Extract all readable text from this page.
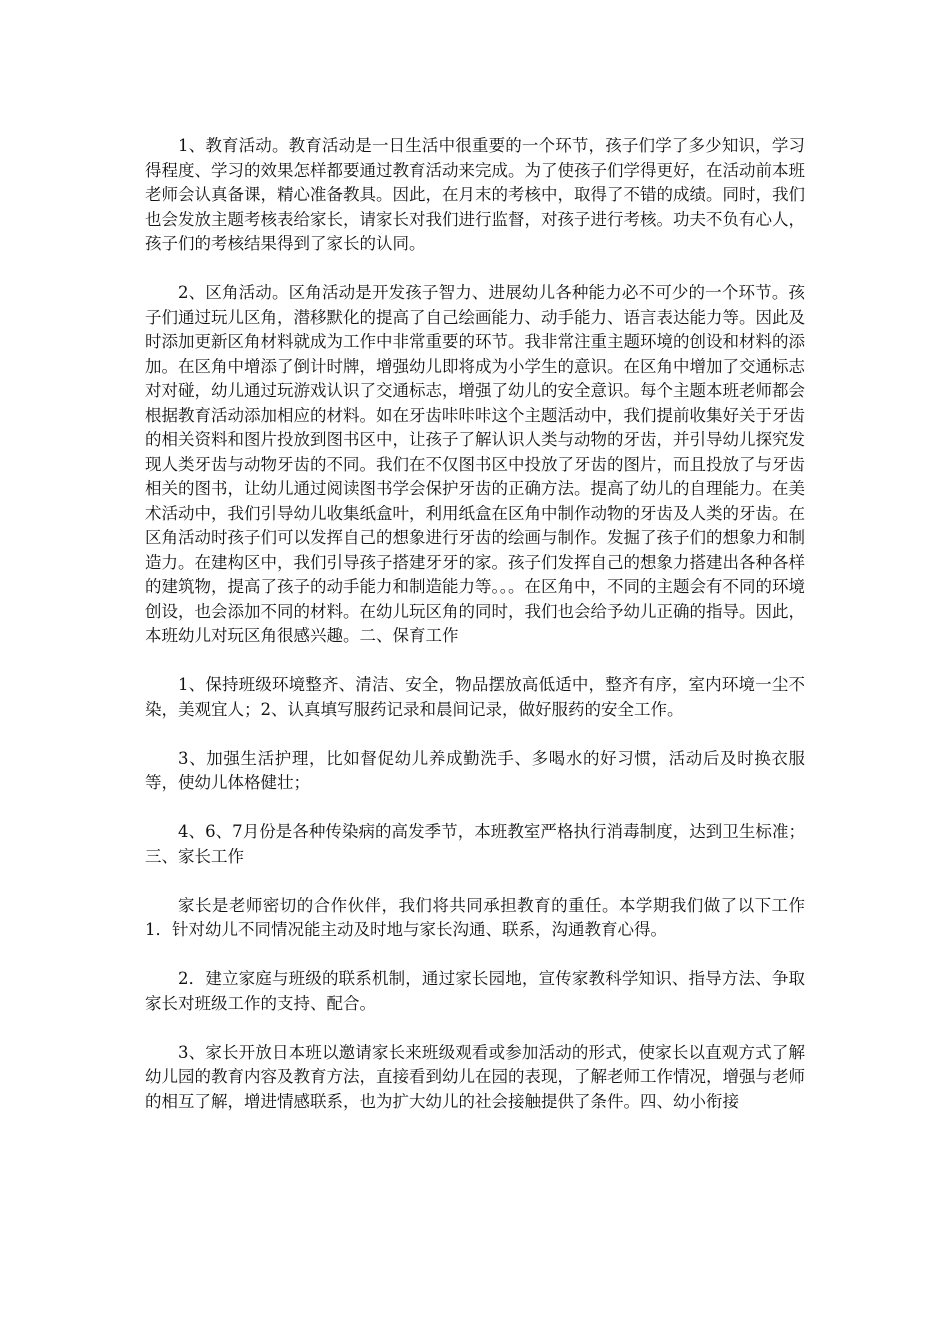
1、教育活动。教育活动是一日生活中很重要的一个环节，孩子们学了多少知识，学习得程度、学习的效果怎样都要通过教育活动来完成。为了使孩子们学得更好，在活动前本班老师会认真备课，精心准备教具。因此，在月末的考核中，取得了不错的成绩。同时，我们也会发放主题考核表给家长，请家长对我们进行监督，对孩子进行考核。功夫不负有心人，孩子们的考核结果得到了家长的认同。

2、区角活动。区角活动是开发孩子智力、进展幼儿各种能力必不可少的一个环节。孩子们通过玩儿区角，潜移默化的提高了自己绘画能力、动手能力、语言表达能力等。因此及时添加更新区角材料就成为工作中非常重要的环节。我非常注重主题环境的创设和材料的添加。在区角中增添了倒计时牌，增强幼儿即将成为小学生的意识。在区角中增加了交通标志对对碰，幼儿通过玩游戏认识了交通标志，增强了幼儿的安全意识。每个主题本班老师都会根据教育活动添加相应的材料。如在牙齿咔咔咔这个主题活动中，我们提前收集好关于牙齿的相关资料和图片投放到图书区中，让孩子了解认识人类与动物的牙齿，并引导幼儿探究发现人类牙齿与动物牙齿的不同。我们在不仅图书区中投放了牙齿的图片，而且投放了与牙齿相关的图书，让幼儿通过阅读图书学会保护牙齿的正确方法。提高了幼儿的自理能力。在美术活动中，我们引导幼儿收集纸盒叶，利用纸盒在区角中制作动物的牙齿及人类的牙齿。在区角活动时孩子们可以发挥自己的想象进行牙齿的绘画与制作。发掘了孩子们的想象力和制造力。在建构区中，我们引导孩子搭建牙牙的家。孩子们发挥自己的想象力搭建出各种各样的建筑物，提高了孩子的动手能力和制造能力等。。。在区角中，不同的主题会有不同的环境创设，也会添加不同的材料。在幼儿玩区角的同时，我们也会给予幼儿正确的指导。因此，本班幼儿对玩区角很感兴趣。二、保育工作

1、保持班级环境整齐、清洁、安全，物品摆放高低适中，整齐有序，室内环境一尘不染，美观宜人；2、认真填写服药记录和晨间记录，做好服药的安全工作。

3、加强生活护理，比如督促幼儿养成勤洗手、多喝水的好习惯，活动后及时换衣服等，使幼儿体格健壮；

4、6、7月份是各种传染病的高发季节，本班教室严格执行消毒制度，达到卫生标准；三、家长工作

家长是老师密切的合作伙伴，我们将共同承担教育的重任。本学期我们做了以下工作1．针对幼儿不同情况能主动及时地与家长沟通、联系，沟通教育心得。

2．建立家庭与班级的联系机制，通过家长园地，宣传家教科学知识、指导方法、争取家长对班级工作的支持、配合。

3、家长开放日本班以邀请家长来班级观看或参加活动的形式，使家长以直观方式了解幼儿园的教育内容及教育方法，直接看到幼儿在园的表现，了解老师工作情况，增强与老师的相互了解，增进情感联系，也为扩大幼儿的社会接触提供了条件。四、幼小衔接
